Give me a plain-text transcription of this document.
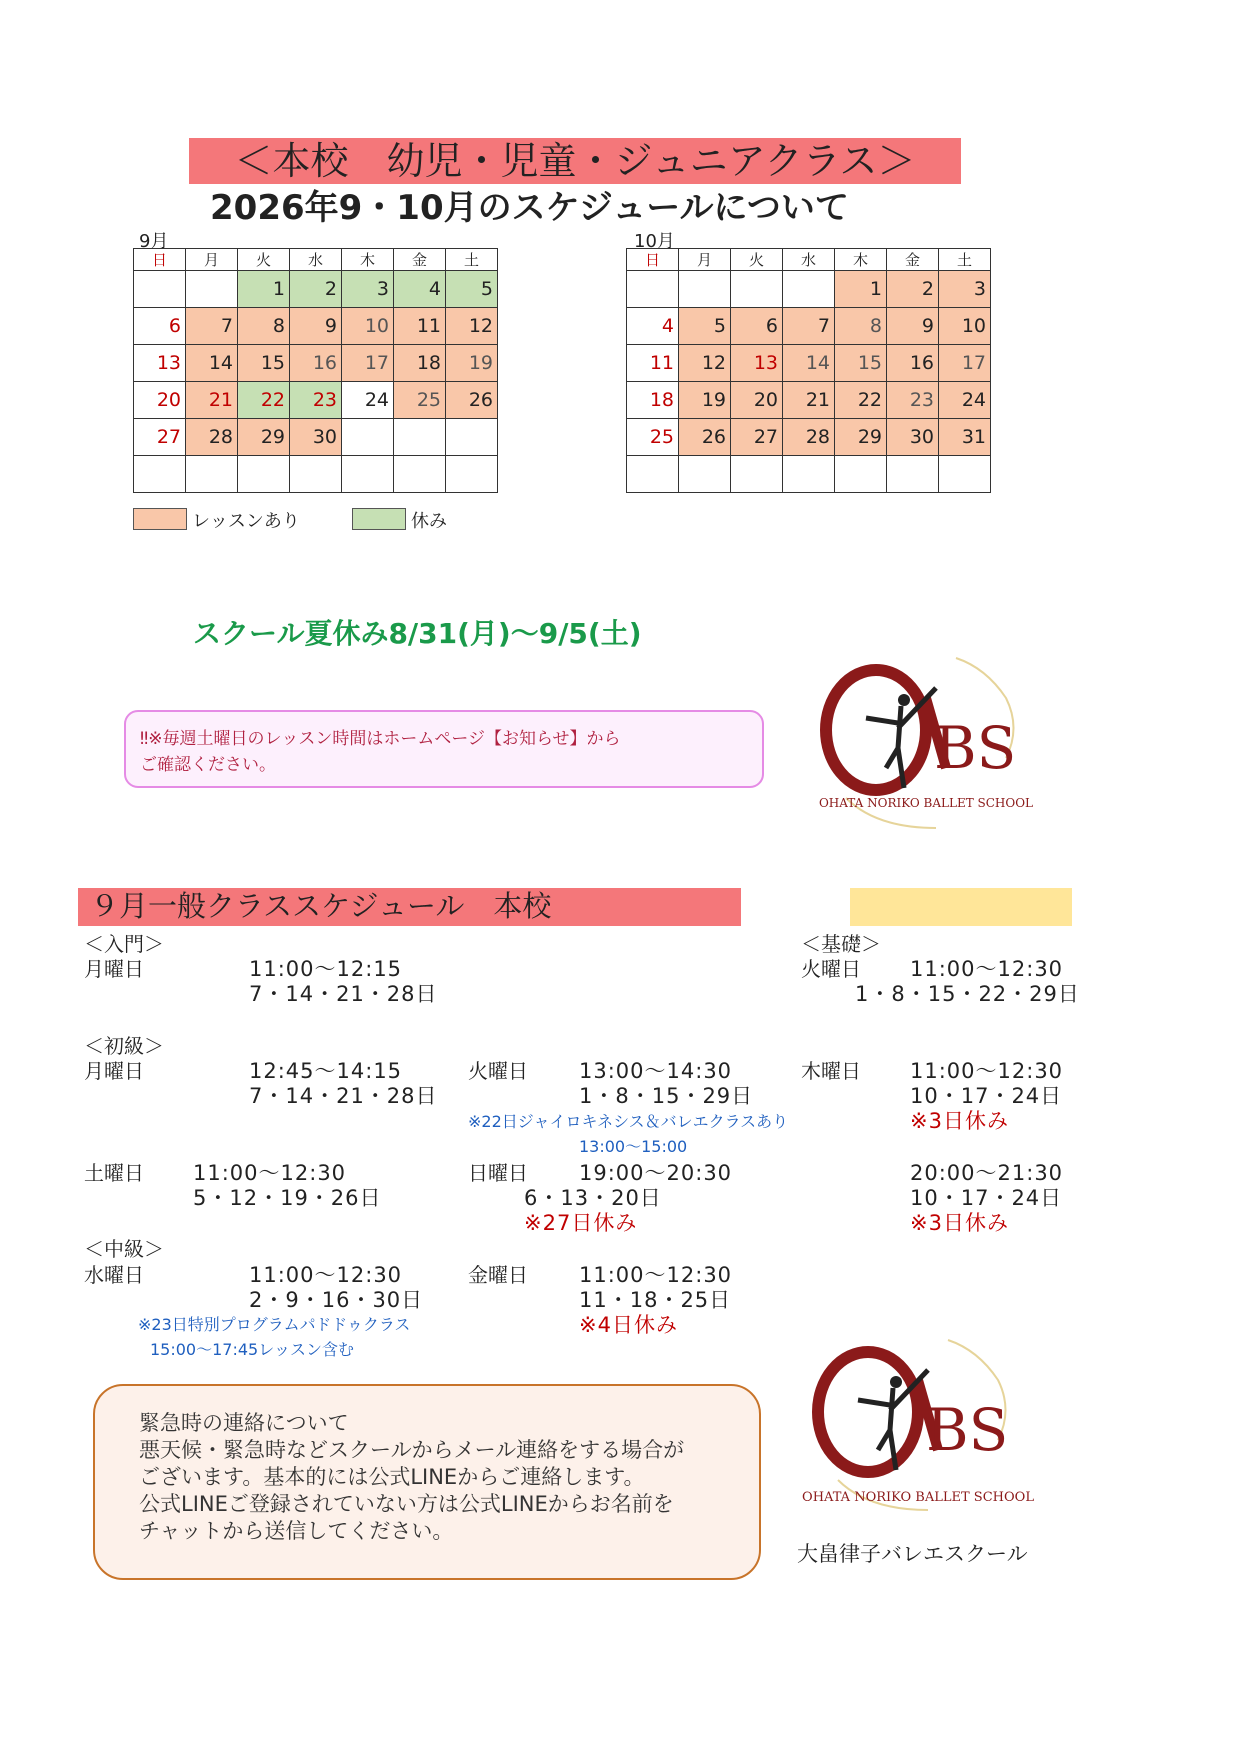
＜本校　幼児・児童・ジュニアクラス＞
2026年9・10月のスケジュールについて
9月
日	月	火	水	木	金	土
		1	2	3	4	5
6	7	8	9	10	11	12
13	14	15	16	17	18	19
20	21	22	23	24	25	26
27	28	29	30			

10月
日	月	火	水	木	金	土
				1	2	3
4	5	6	7	8	9	10
11	12	13	14	15	16	17
18	19	20	21	22	23	24
25	26	27	28	29	30	31

レッスンあり	休み
スクール夏休み8/31(月)～9/5(土)
‼※毎週土曜日のレッスン時間はホームページ【お知らせ】から
ご確認ください。	BS
OHATA NORIKO BALLET SCHOOL
９月一般クラススケジュール　本校
＜入門＞
月曜日	11:00～12:15
7・14・21・28日
＜基礎＞
火曜日 11:00～12:30
1・8・15・22・29日
＜初級＞
月曜日	12:45～14:15
7・14・21・28日
火曜日 13:00～14:30
1・8・15・29日
※22日ジャイロキネシス＆バレエクラスあり
13:00～15:00
木曜日 11:00～12:30
10・17・24日
※3日休み
土曜日 11:00～12:30
5・12・19・26日
日曜日 19:00～20:30
6・13・20日
※27日休み
20:00～21:30
10・17・24日
※3日休み
＜中級＞
水曜日	11:00～12:30
2・9・16・30日
※23日特別プログラムパドドゥクラス
15:00～17:45レッスン含む
金曜日 11:00～12:30
11・18・25日
※4日休み
緊急時の連絡について
悪天候・緊急時などスクールからメール連絡をする場合が
ございます。基本的には公式LINEからご連絡します。
公式LINEご登録されていない方は公式LINEからお名前を
チャットから送信してください。
BS
OHATA NORIKO BALLET SCHOOL
大畠律子バレエスクール
